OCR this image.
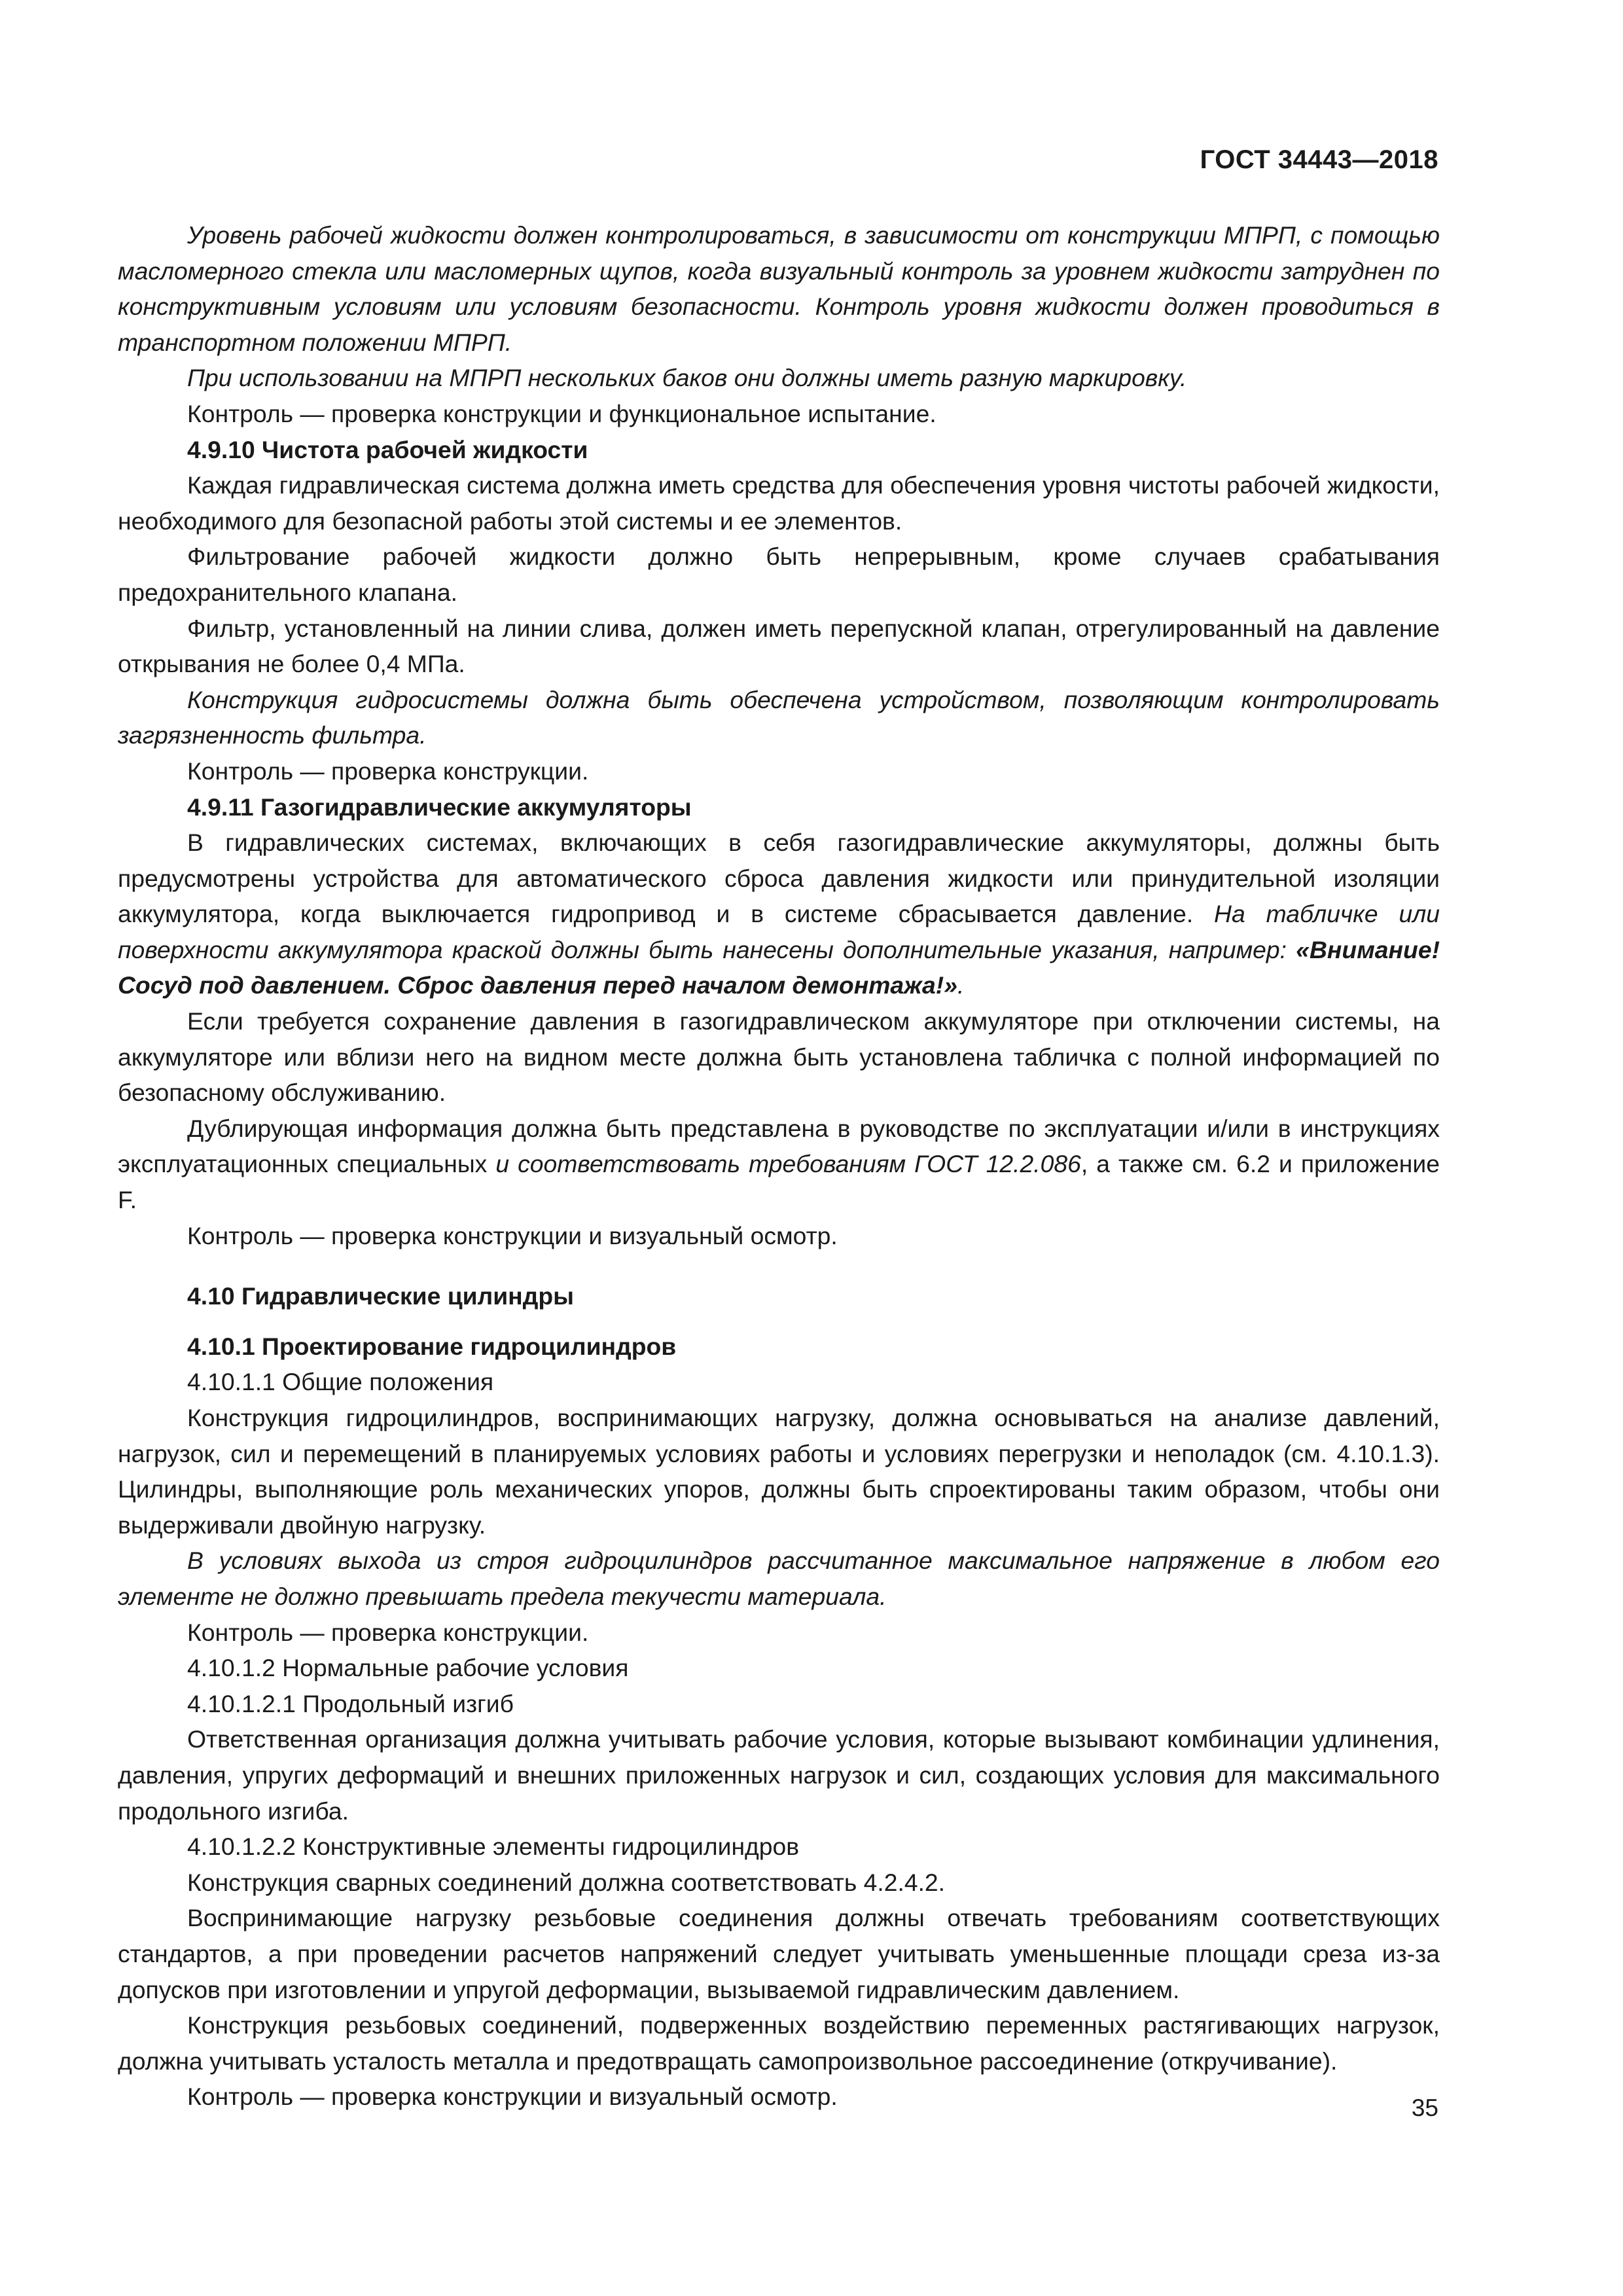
ГОСТ 34443—2018

Уровень рабочей жидкости должен контролироваться, в зависимости от конструкции МПРП, с помощью масломерного стекла или масломерных щупов, когда визуальный контроль за уровнем жидкости затруднен по конструктивным условиям или условиям безопасности. Контроль уровня жидкости должен проводиться в транспортном положении МПРП.

При использовании на МПРП нескольких баков они должны иметь разную маркировку.

Контроль — проверка конструкции и функциональное испытание.

4.9.10 Чистота рабочей жидкости

Каждая гидравлическая система должна иметь средства для обеспечения уровня чистоты рабочей жидкости, необходимого для безопасной работы этой системы и ее элементов.

Фильтрование рабочей жидкости должно быть непрерывным, кроме случаев срабатывания предохранительного клапана.

Фильтр, установленный на линии слива, должен иметь перепускной клапан, отрегулированный на давление открывания не более 0,4 МПа.

Конструкция гидросистемы должна быть обеспечена устройством, позволяющим контролировать загрязненность фильтра.

Контроль — проверка конструкции.

4.9.11 Газогидравлические аккумуляторы

В гидравлических системах, включающих в себя газогидравлические аккумуляторы, должны быть предусмотрены устройства для автоматического сброса давления жидкости или принудительной изоляции аккумулятора, когда выключается гидропривод и в системе сбрасывается давление. На табличке или поверхности аккумулятора краской должны быть нанесены дополнительные указания, например: «Внимание! Сосуд под давлением. Сброс давления перед началом демонтажа!».

Если требуется сохранение давления в газогидравлическом аккумуляторе при отключении системы, на аккумуляторе или вблизи него на видном месте должна быть установлена табличка с полной информацией по безопасному обслуживанию.

Дублирующая информация должна быть представлена в руководстве по эксплуатации и/или в инструкциях эксплуатационных специальных и соответствовать требованиям ГОСТ 12.2.086, а также см. 6.2 и приложение F.

Контроль — проверка конструкции и визуальный осмотр.

4.10 Гидравлические цилиндры

4.10.1 Проектирование гидроцилиндров

4.10.1.1 Общие положения

Конструкция гидроцилиндров, воспринимающих нагрузку, должна основываться на анализе давлений, нагрузок, сил и перемещений в планируемых условиях работы и условиях перегрузки и неполадок (см. 4.10.1.3). Цилиндры, выполняющие роль механических упоров, должны быть спроектированы таким образом, чтобы они выдерживали двойную нагрузку.

В условиях выхода из строя гидроцилиндров рассчитанное максимальное напряжение в любом его элементе не должно превышать предела текучести материала.

Контроль — проверка конструкции.

4.10.1.2 Нормальные рабочие условия

4.10.1.2.1 Продольный изгиб

Ответственная организация должна учитывать рабочие условия, которые вызывают комбинации удлинения, давления, упругих деформаций и внешних приложенных нагрузок и сил, создающих условия для максимального продольного изгиба.

4.10.1.2.2 Конструктивные элементы гидроцилиндров

Конструкция сварных соединений должна соответствовать 4.2.4.2.

Воспринимающие нагрузку резьбовые соединения должны отвечать требованиям соответствующих стандартов, а при проведении расчетов напряжений следует учитывать уменьшенные площади среза из-за допусков при изготовлении и упругой деформации, вызываемой гидравлическим давлением.

Конструкция резьбовых соединений, подверженных воздействию переменных растягивающих нагрузок, должна учитывать усталость металла и предотвращать самопроизвольное рассоединение (откручивание).

Контроль — проверка конструкции и визуальный осмотр.	35
